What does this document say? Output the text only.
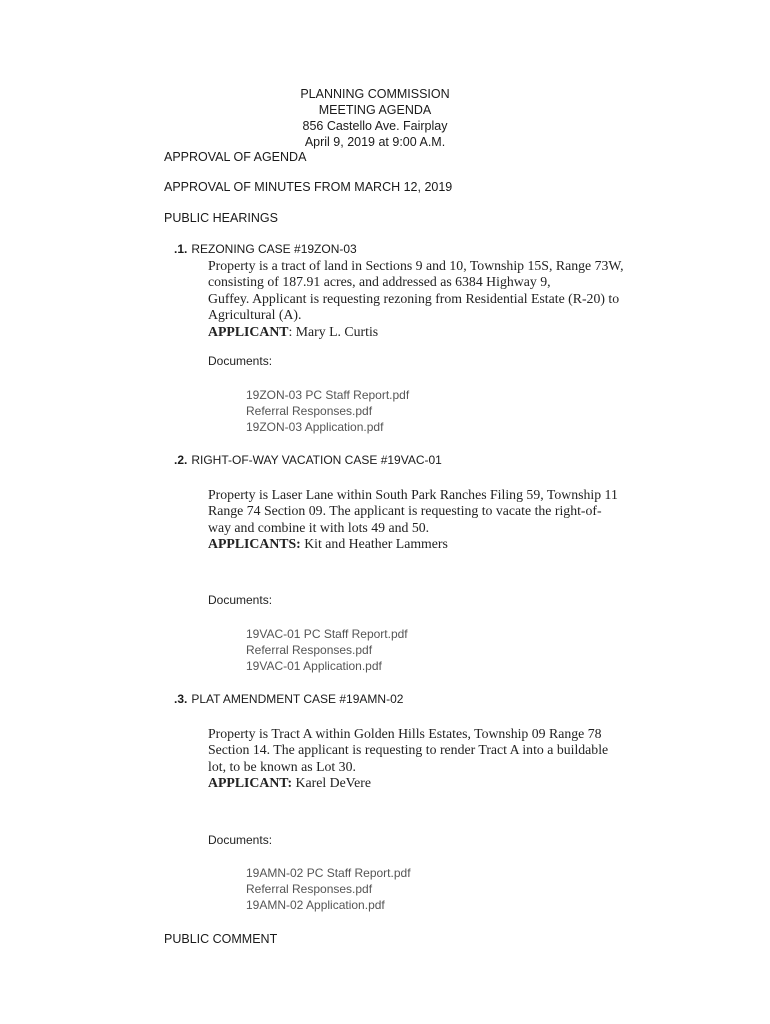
PLANNING COMMISSION
MEETING AGENDA
856 Castello Ave. Fairplay
April 9, 2019 at 9:00 A.M.
APPROVAL OF AGENDA
APPROVAL OF MINUTES FROM MARCH 12, 2019
PUBLIC HEARINGS
.1. REZONING CASE #19ZON-03
Property is a tract of land in Sections 9 and 10, Township 15S, Range 73W,
consisting of 187.91 acres, and addressed as 6384 Highway 9,
Guffey. Applicant is requesting rezoning from Residential Estate (R-20) to
Agricultural (A).
APPLICANT: Mary L. Curtis
Documents:
19ZON-03 PC Staff Report.pdf
Referral Responses.pdf
19ZON-03 Application.pdf
.2. RIGHT-OF-WAY VACATION CASE #19VAC-01
Property is Laser Lane within South Park Ranches Filing 59, Township 11
Range 74 Section 09. The applicant is requesting to vacate the right-of-
way and combine it with lots 49 and 50.
APPLICANTS: Kit and Heather Lammers
Documents:
19VAC-01 PC Staff Report.pdf
Referral Responses.pdf
19VAC-01 Application.pdf
.3. PLAT AMENDMENT CASE #19AMN-02
Property is Tract A within Golden Hills Estates, Township 09 Range 78
Section 14. The applicant is requesting to render Tract A into a buildable
lot, to be known as Lot 30.
APPLICANT: Karel DeVere
Documents:
19AMN-02 PC Staff Report.pdf
Referral Responses.pdf
19AMN-02 Application.pdf
PUBLIC COMMENT
